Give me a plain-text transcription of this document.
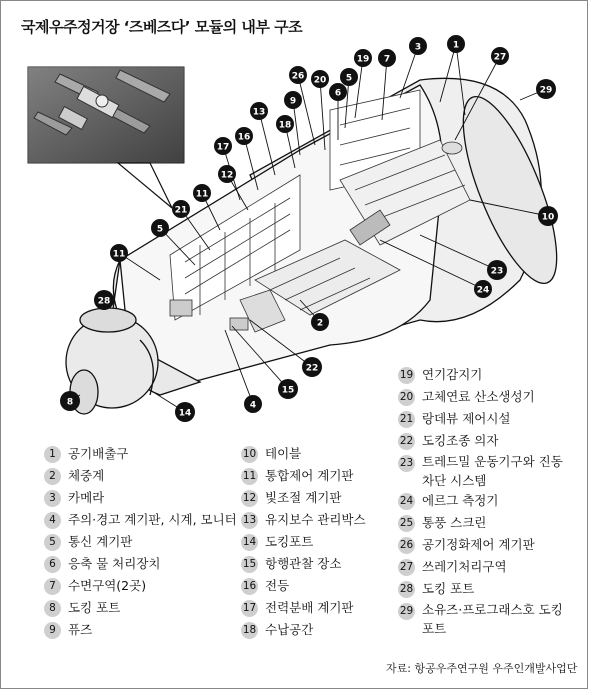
국제우주정거장 ‘즈베즈다’ 모듈의 내부 구조
1
3
27
29
19 7
5
26 20
6
9
13
18
16
17
12
11
21
5
11
10
23
24
2
22
15
4
14
8
28
1 공기배출구
2 체중계
3 카메라
4 주의·경고 계기판, 시계, 모니터
5 통신 계기판
6 응축 물 처리장치
7 수면구역(2곳)
8 도킹 포트
9 퓨즈
10 테이블
11 통합제어 계기판
12 빛조절 계기판
13 유지보수 관리박스
14 도킹포트
15 항행관찰 장소
16 전등
17 전력분배 계기판
18 수납공간
19 연기감지기
20 고체연료 산소생성기
21 랑데뷰 제어시설
22 도킹조종 의자
23 트레드밀 운동기구와 진동차단 시스템
24 에르그 측정기
25 통풍 스크린
26 공기정화제어 계기판
27 쓰레기처리구역
28 도킹 포트
29 소유즈·프로그래스호 도킹 포트
자료: 항공우주연구원 우주인개발사업단
